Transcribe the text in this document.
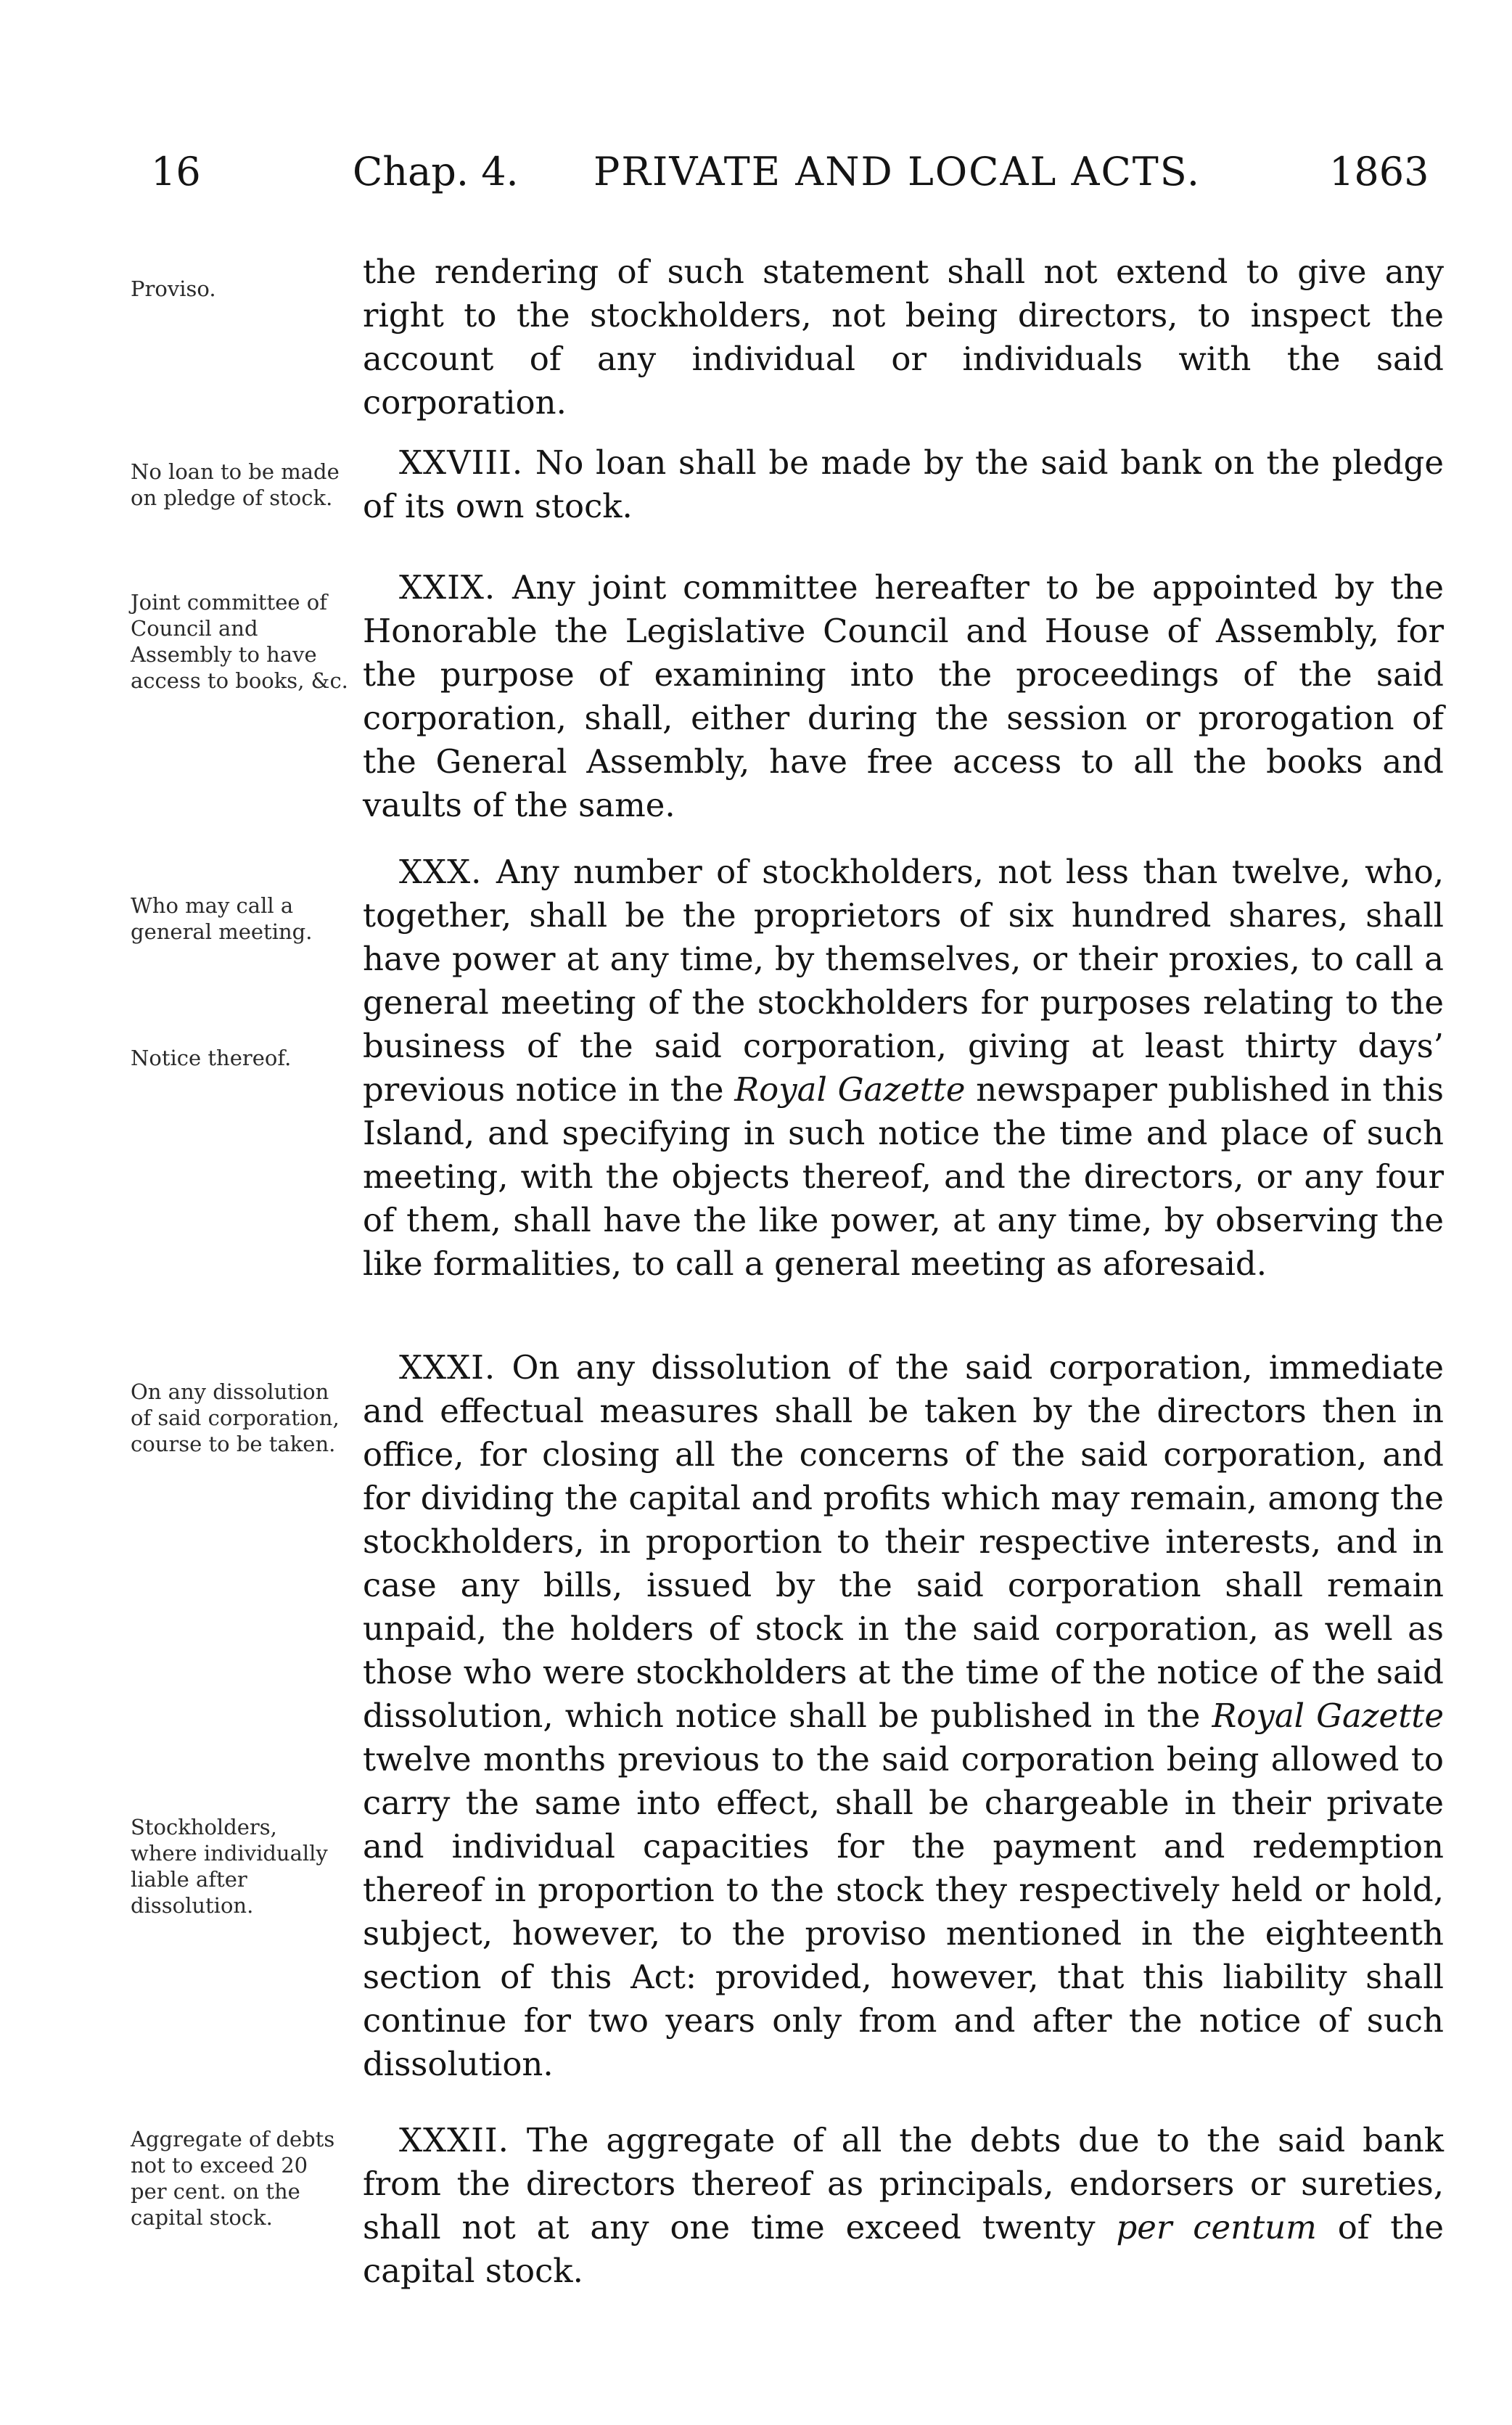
16	Chap. 4. PRIVATE AND LOCAL ACTS.	1863
Proviso.
No loan to be made on pledge of stock.
Joint committee of Council and Assembly to have access to books, &c.
Who may call a general meeting.
Notice thereof.
On any dissolution of said corporation, course to be taken.
Stockholders, where individually liable after dissolution.
Aggregate of debts not to exceed 20 per cent. on the capital stock.

the rendering of such statement shall not extend to give any right to the stockholders, not being directors, to inspect the account of any individual or individuals with the said corporation.

XXVIII. No loan shall be made by the said bank on the pledge of its own stock.

XXIX. Any joint committee hereafter to be appointed by the Honorable the Legislative Council and House of Assembly, for the purpose of examining into the proceedings of the said corporation, shall, either during the session or prorogation of the General Assembly, have free access to all the books and vaults of the same.

XXX. Any number of stockholders, not less than twelve, who, together, shall be the proprietors of six hundred shares, shall have power at any time, by themselves, or their proxies, to call a general meeting of the stockholders for purposes relating to the business of the said corporation, giving at least thirty days’ previous notice in the Royal Gazette newspaper published in this Island, and specifying in such notice the time and place of such meeting, with the objects thereof, and the directors, or any four of them, shall have the like power, at any time, by observing the like formalities, to call a general meeting as aforesaid.

XXXI. On any dissolution of the said corporation, immediate and effectual measures shall be taken by the directors then in office, for closing all the concerns of the said corporation, and for dividing the capital and profits which may remain, among the stockholders, in proportion to their respective interests, and in case any bills, issued by the said corporation shall remain unpaid, the holders of stock in the said corporation, as well as those who were stockholders at the time of the notice of the said dissolution, which notice shall be published in the Royal Gazette twelve months previous to the said corporation being allowed to carry the same into effect, shall be chargeable in their private and individual capacities for the payment and redemption thereof in proportion to the stock they respectively held or hold, subject, however, to the proviso mentioned in the eighteenth section of this Act: provided, however, that this liability shall continue for two years only from and after the notice of such dissolution.

XXXII. The aggregate of all the debts due to the said bank from the directors thereof as principals, endorsers or sureties, shall not at any one time exceed twenty per centum of the capital stock.
